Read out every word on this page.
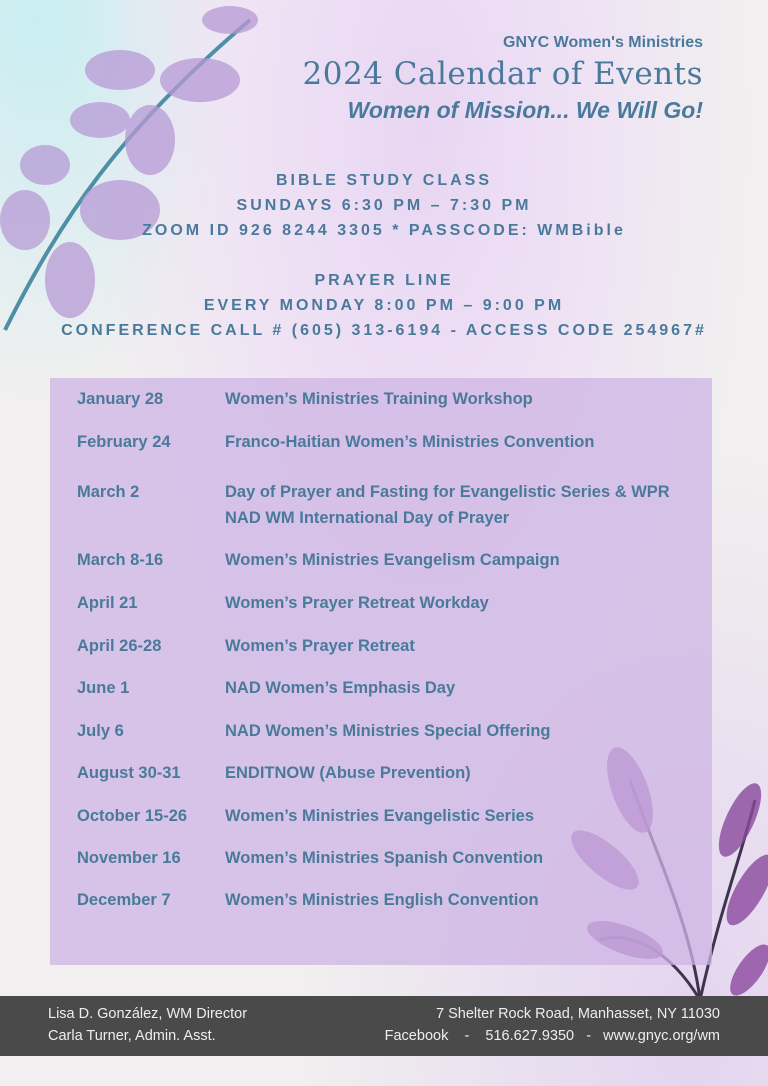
GNYC Women's Ministries
2024 Calendar of Events
Women of Mission... We Will Go!
BIBLE STUDY CLASS
SUNDAYS 6:30 PM – 7:30 PM
ZOOM ID 926 8244 3305 * PASSCODE: WMBible
PRAYER LINE
EVERY MONDAY 8:00 PM – 9:00 PM
CONFERENCE CALL # (605) 313-6194 - ACCESS CODE 254967#
January 28	Women’s Ministries Training Workshop
February 24	Franco-Haitian Women’s Ministries Convention
March 2	Day of Prayer and Fasting for Evangelistic Series & WPR
NAD WM International Day of Prayer
March 8-16	Women’s Ministries Evangelism Campaign
April 21	Women’s Prayer Retreat Workday
April 26-28	Women’s Prayer Retreat
June 1	NAD Women’s Emphasis Day
July 6	NAD Women’s Ministries Special Offering
August 30-31	ENDITNOW (Abuse Prevention)
October 15-26	Women’s Ministries Evangelistic Series
November 16	Women’s Ministries Spanish Convention
December 7	Women’s Ministries English Convention
Lisa D. González, WM Director
Carla Turner, Admin. Asst.
7 Shelter Rock Road, Manhasset, NY 11030
Facebook - 516.627.9350 - www.gnyc.org/wm
